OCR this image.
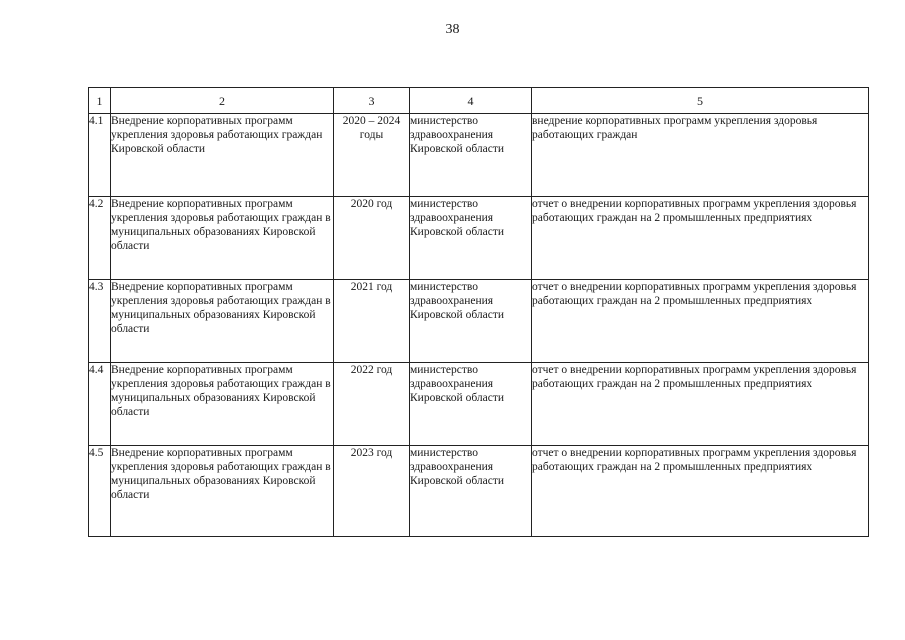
38
1	2	3	4	5
4.1	Внедрение корпоративных программ укрепления здоровья работающих граждан Кировской области	2020 – 2024 годы	министерство здравоохранения Кировской области	внедрение корпоративных программ укрепления здоровья работающих граждан
4.2	Внедрение корпоративных программ укрепления здоровья работающих граждан в муниципальных образованиях Кировской области	2020 год	министерство здравоохранения Кировской области	отчет о внедрении корпоративных программ укрепления здоровья работающих граждан на 2 промышленных предприятиях
4.3	Внедрение корпоративных программ укрепления здоровья работающих граждан в муниципальных образованиях Кировской области	2021 год	министерство здравоохранения Кировской области	отчет о внедрении корпоративных программ укрепления здоровья работающих граждан на 2 промышленных предприятиях
4.4	Внедрение корпоративных программ укрепления здоровья работающих граждан в муниципальных образованиях Кировской области	2022 год	министерство здравоохранения Кировской области	отчет о внедрении корпоративных программ укрепления здоровья работающих граждан на 2 промышленных предприятиях
4.5	Внедрение корпоративных программ укрепления здоровья работающих граждан в муниципальных образованиях Кировской области	2023 год	министерство здравоохранения Кировской области	отчет о внедрении корпоративных программ укрепления здоровья работающих граждан на 2 промышленных предприятиях
